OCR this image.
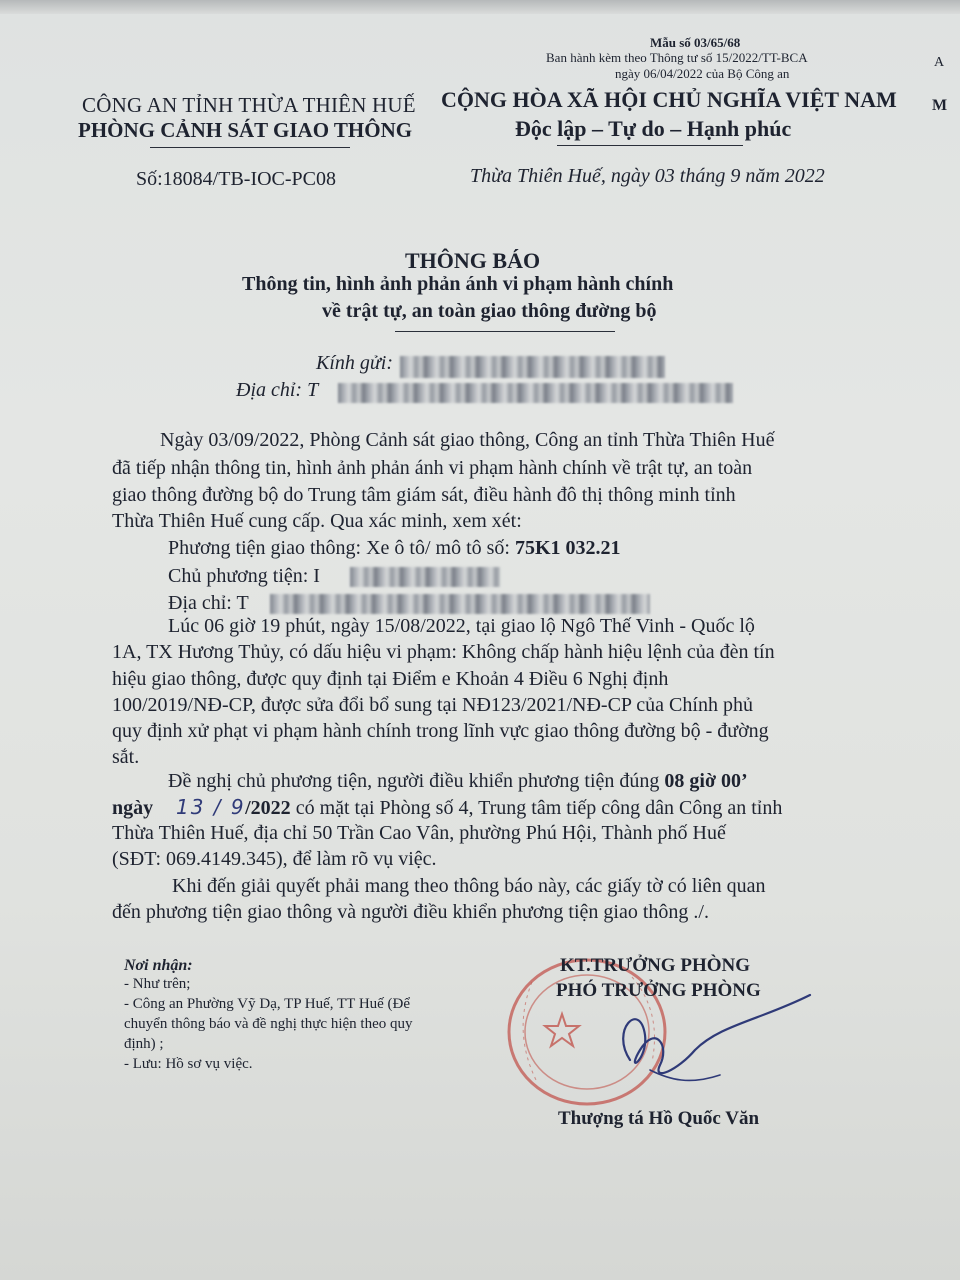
Mẫu số 03/65/68
Ban hành kèm theo Thông tư số 15/2022/TT-BCA
ngày 06/04/2022 của Bộ Công an
A
M
CÔNG AN TỈNH THỪA THIÊN HUẾ
PHÒNG CẢNH SÁT GIAO THÔNG
CỘNG HÒA XÃ HỘI CHỦ NGHĨA VIỆT NAM
Độc lập – Tự do – Hạnh phúc
Số:18084/TB-IOC-PC08	Thừa Thiên Huế, ngày 03 tháng 9 năm 2022
THÔNG BÁO
Thông tin, hình ảnh phản ánh vi phạm hành chính
về trật tự, an toàn giao thông đường bộ
Kính gửi:
Địa chỉ: T
Ngày 03/09/2022, Phòng Cảnh sát giao thông, Công an tỉnh Thừa Thiên Huế
đã tiếp nhận thông tin, hình ảnh phản ánh vi phạm hành chính về trật tự, an toàn
giao thông đường bộ do Trung tâm giám sát, điều hành đô thị thông minh tỉnh
Thừa Thiên Huế cung cấp. Qua xác minh, xem xét:
Phương tiện giao thông: Xe ô tô/ mô tô số: 75K1 032.21
Chủ phương tiện: I
Địa chỉ: T
Lúc 06 giờ 19 phút, ngày 15/08/2022, tại giao lộ Ngô Thế Vinh - Quốc lộ
1A, TX Hương Thủy, có dấu hiệu vi phạm: Không chấp hành hiệu lệnh của đèn tín
hiệu giao thông, được quy định tại Điểm e Khoản 4 Điều 6 Nghị định
100/2019/NĐ-CP, được sửa đổi bổ sung tại NĐ123/2021/NĐ-CP của Chính phủ
quy định xử phạt vi phạm hành chính trong lĩnh vực giao thông đường bộ - đường
sắt.
Đề nghị chủ phương tiện, người điều khiển phương tiện đúng 08 giờ 00’
ngày	/2022 có mặt tại Phòng số 4, Trung tâm tiếp công dân Công an tỉnh
13 / 9
Thừa Thiên Huế, địa chỉ 50 Trần Cao Vân, phường Phú Hội, Thành phố Huế
(SĐT: 069.4149.345), để làm rõ vụ việc.
Khi đến giải quyết phải mang theo thông báo này, các giấy tờ có liên quan
đến phương tiện giao thông và người điều khiển phương tiện giao thông ./.
Nơi nhận:
- Như trên;
- Công an Phường Vỹ Dạ, TP Huế, TT Huế (Để
chuyển thông báo và đề nghị thực hiện theo quy
định) ;
- Lưu: Hồ sơ vụ việc.
KT.TRƯỞNG PHÒNG
PHÓ TRƯỞNG PHÒNG
Thượng tá Hồ Quốc Văn
